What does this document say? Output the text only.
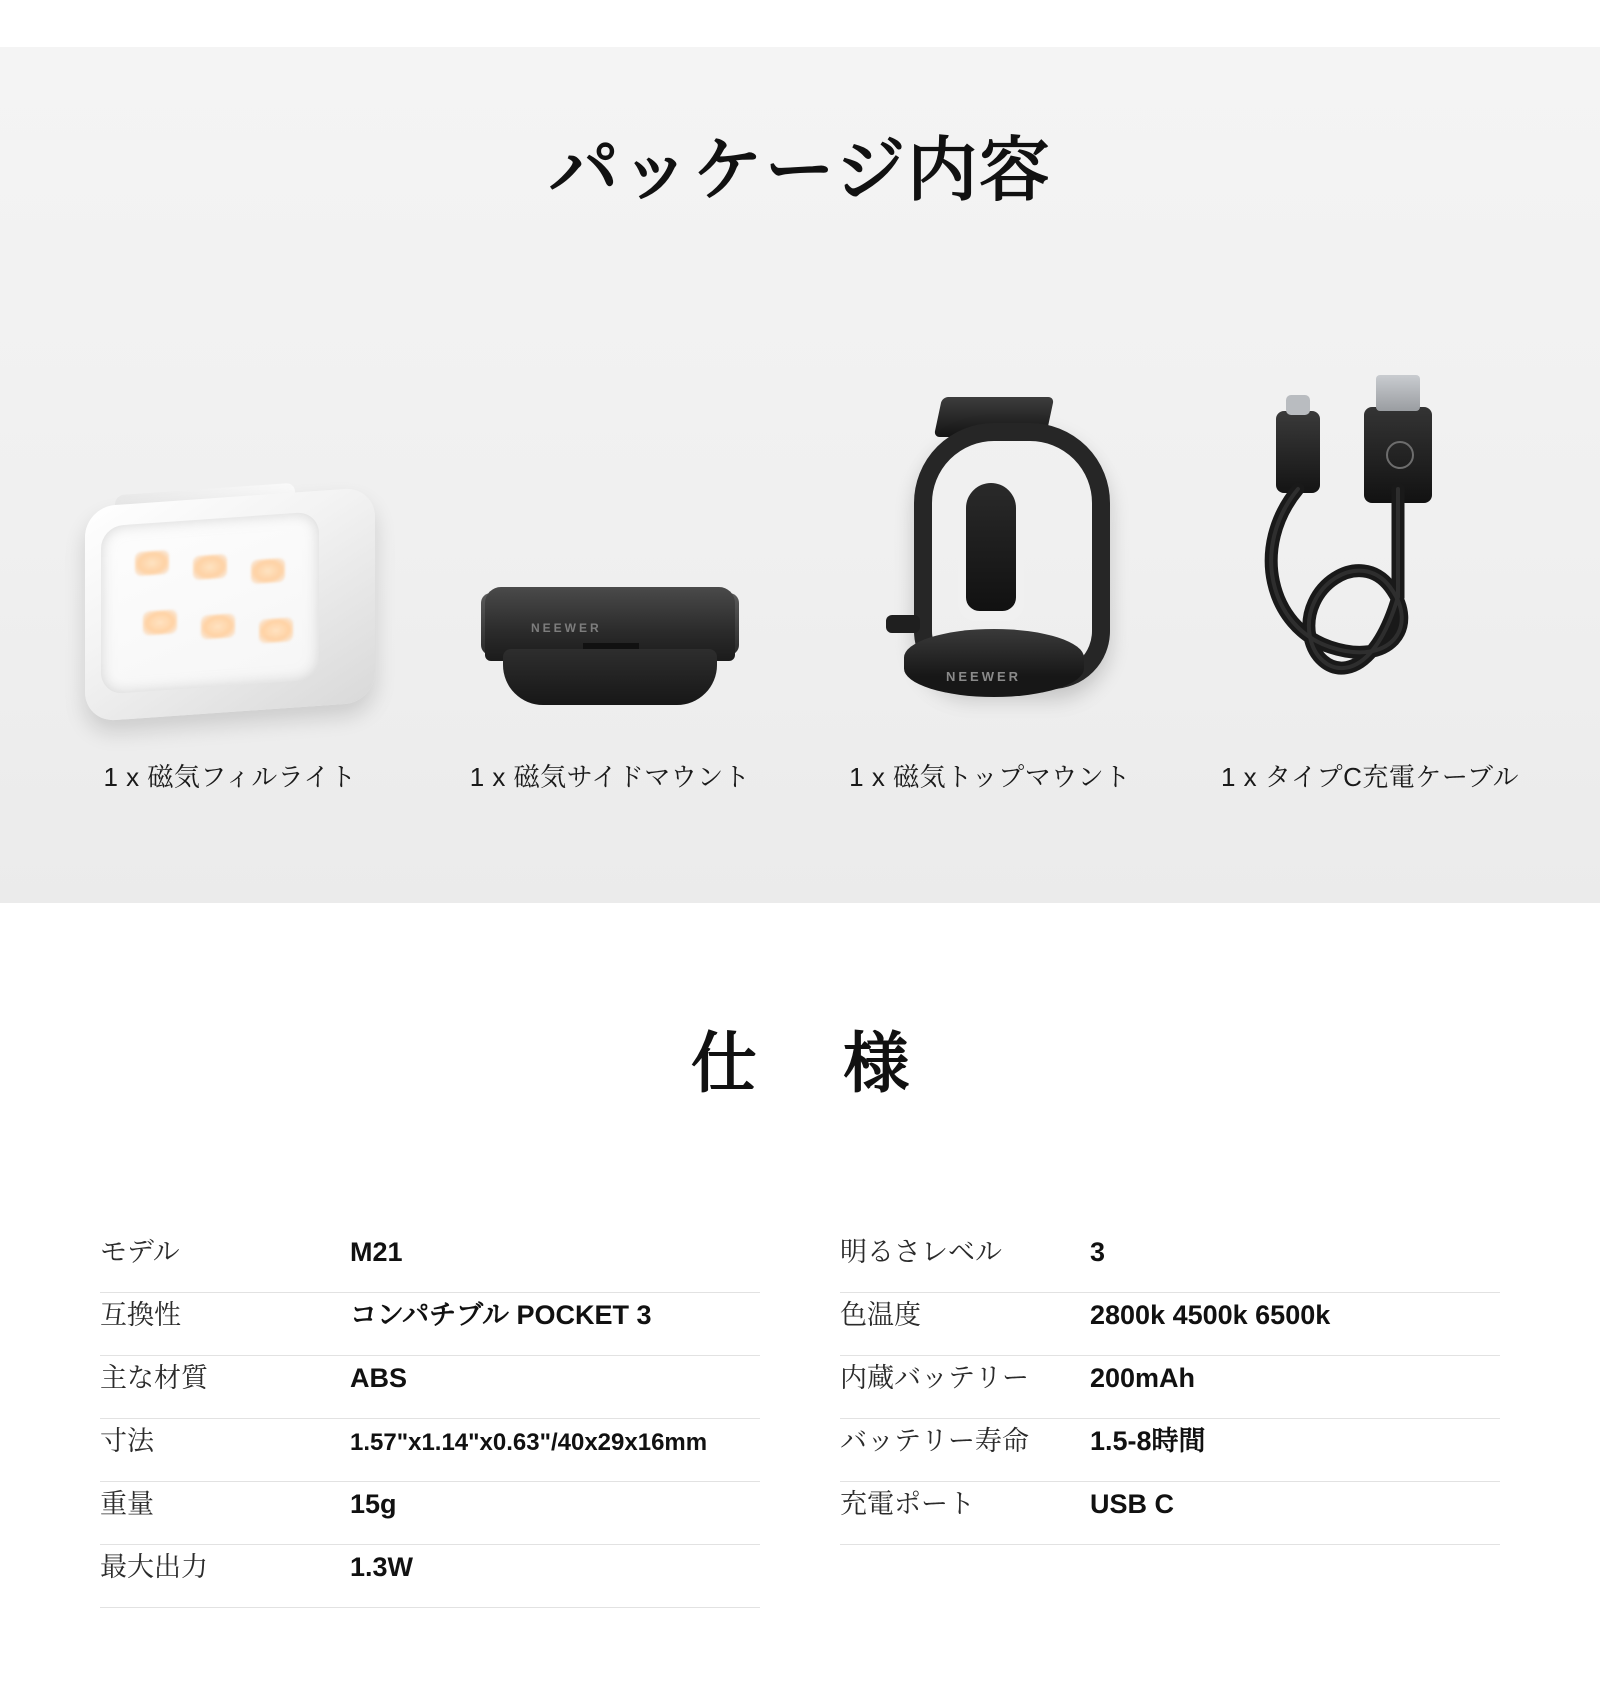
パッケージ内容
1 x 磁気フィルライト
NEEWER
1 x 磁気サイドマウント
NEEWER
1 x 磁気トップマウント	1 x タイプC充電ケーブル
仕 様
モデル	M21
互換性	コンパチブル POCKET 3
主な材質	ABS
寸法	1.57"x1.14"x0.63"/40x29x16mm
重量	15g
最大出力	1.3W
明るさレベル	3
色温度	2800k 4500k 6500k
内蔵バッテリー	200mAh
バッテリー寿命	1.5-8時間
充電ポート	USB C
